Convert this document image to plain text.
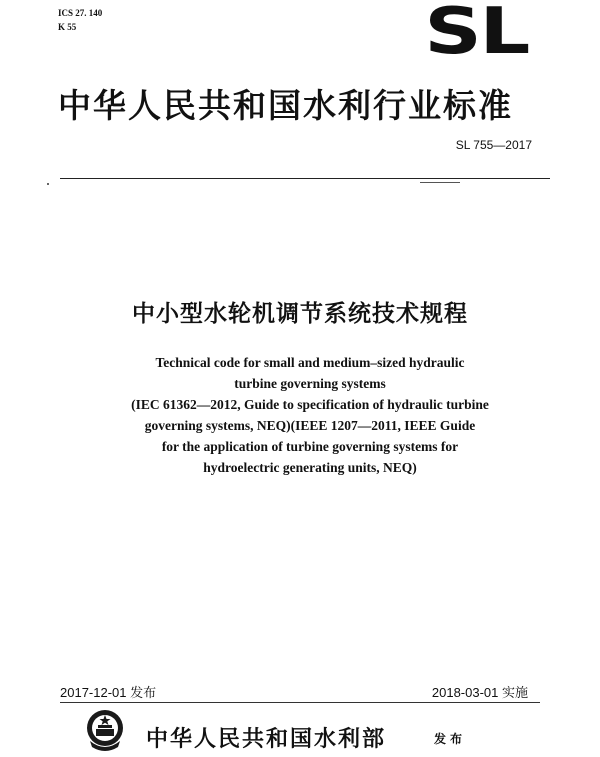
ICS 27. 140
K 55	SL
中华人民共和国水利行业标准
SL 755—2017
中小型水轮机调节系统技术规程
Technical code for small and medium–sized hydraulic
turbine governing systems
(IEC 61362—2012, Guide to specification of hydraulic turbine
governing systems, NEQ)(IEEE 1207—2011, IEEE Guide
for the application of turbine governing systems for
hydroelectric generating units, NEQ)
2017-12-01 发布	2018-03-01 实施
中华人民共和国水利部	发布
